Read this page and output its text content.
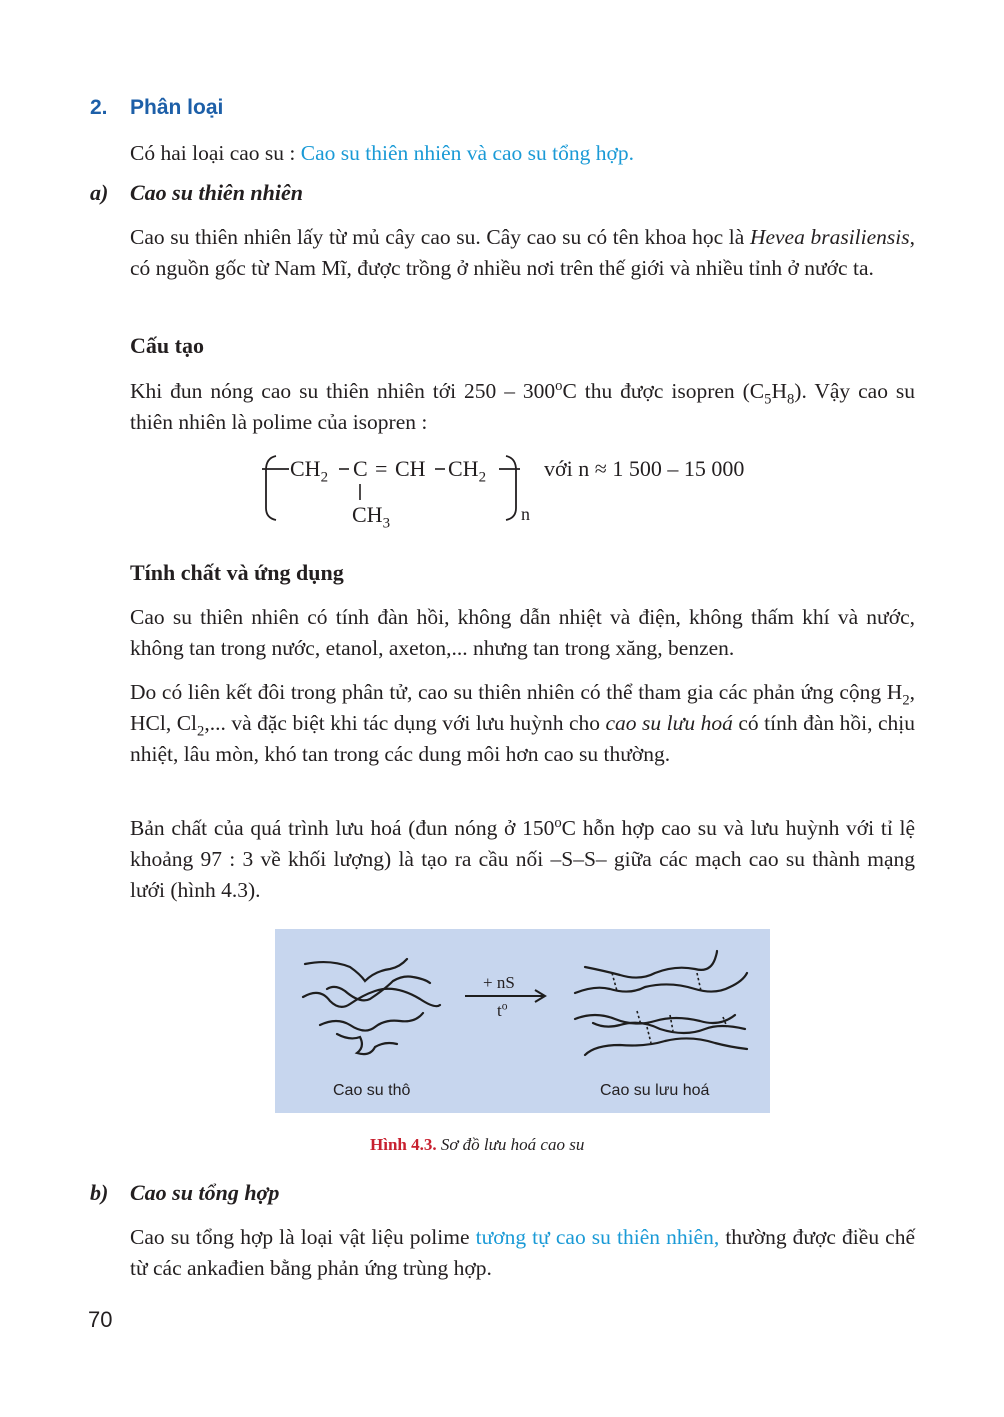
2. Phân loại
Có hai loại cao su : Cao su thiên nhiên và cao su tổng hợp.
a) Cao su thiên nhiên
Cao su thiên nhiên lấy từ mủ cây cao su. Cây cao su có tên khoa học là Hevea brasiliensis, có nguồn gốc từ Nam Mĩ, được trồng ở nhiều nơi trên thế giới và nhiều tỉnh ở nước ta.
Cấu tạo
Khi đun nóng cao su thiên nhiên tới 250 – 300$^o$C thu được isopren $(C_5H_8)$. Vậy cao su thiên nhiên là polime của isopren :
$CH_2$ C = CH $CH_2$
$CH_3$	n
với n ≈ 1 500 – 15 000
Tính chất và ứng dụng
Cao su thiên nhiên có tính đàn hồi, không dẫn nhiệt và điện, không thấm khí và nước, không tan trong nước, etanol, axeton,... nhưng tan trong xăng, benzen.
Do có liên kết đôi trong phân tử, cao su thiên nhiên có thể tham gia các phản ứng cộng $H_2$, HCl, $Cl_2$,... và đặc biệt khi tác dụng với lưu huỳnh cho cao su lưu hoá có tính đàn hồi, chịu nhiệt, lâu mòn, khó tan trong các dung môi hơn cao su thường.
Bản chất của quá trình lưu hoá (đun nóng ở 150$^o$C hỗn hợp cao su và lưu huỳnh với tỉ lệ khoảng 97 : 3 về khối lượng) là tạo ra cầu nối –S–S– giữa các mạch cao su thành mạng lưới (hình 4.3).
+ nS
$t^o$
Cao su thô	Cao su lưu hoá
Hình 4.3. Sơ đồ lưu hoá cao su
b) Cao su tổng hợp
Cao su tổng hợp là loại vật liệu polime tương tự cao su thiên nhiên, thường được điều chế từ các ankađien bằng phản ứng trùng hợp.
70
